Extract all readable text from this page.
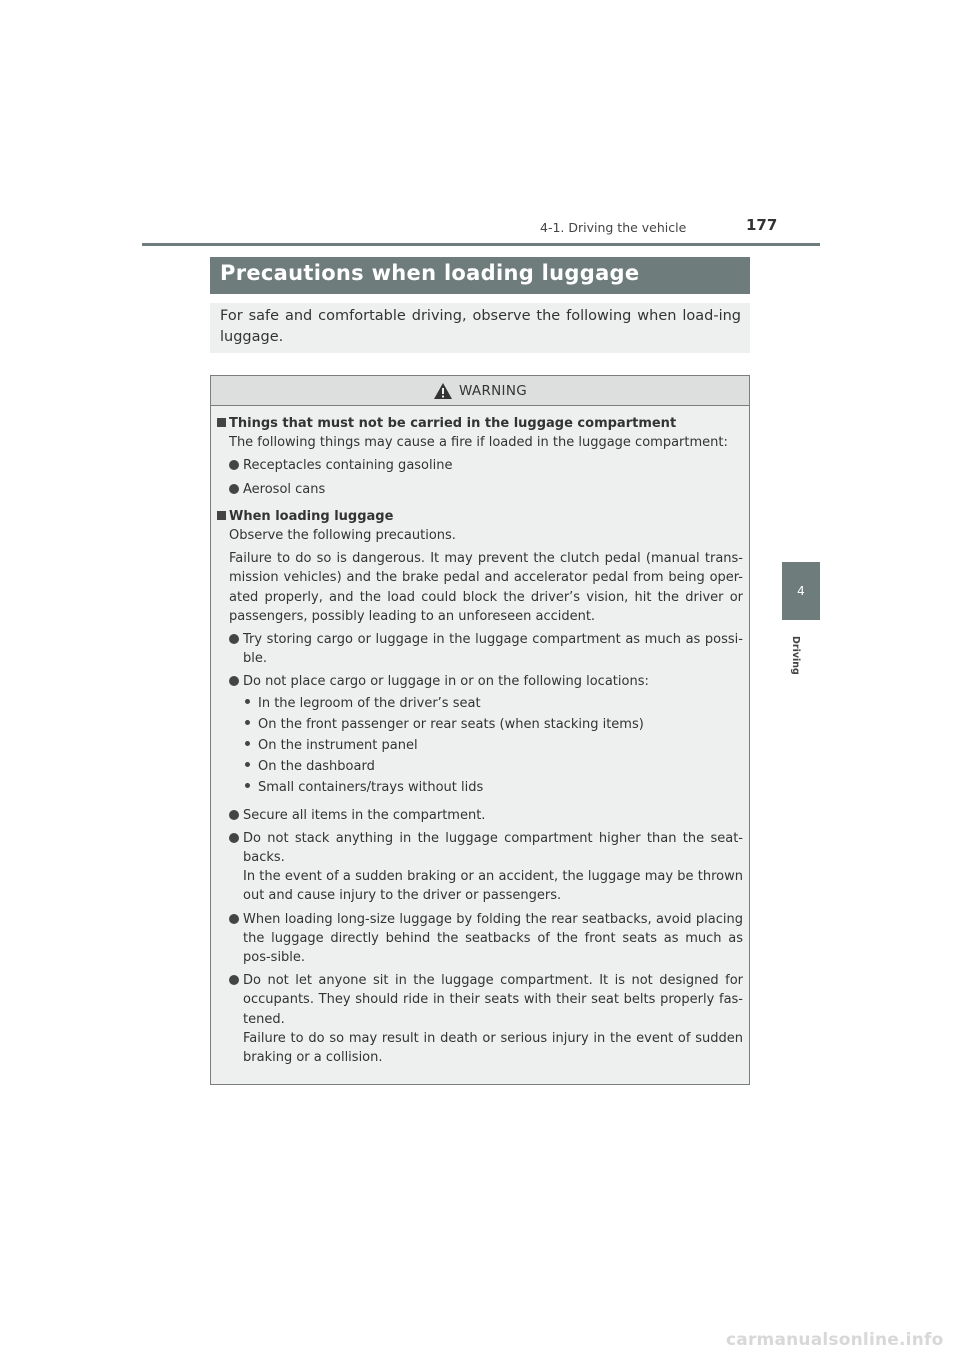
4-1. Driving the vehicle	177
4
Driving
Precautions when loading luggage
For safe and comfortable driving, observe the following when load-ing luggage.
WARNING
Things that must not be carried in the luggage compartment
The following things may cause a fire if loaded in the luggage compartment:
Receptacles containing gasoline
Aerosol cans
When loading luggage
Observe the following precautions.
Failure to do so is dangerous. It may prevent the clutch pedal (manual trans-mission vehicles) and the brake pedal and accelerator pedal from being oper-ated properly, and the load could block the driver’s vision, hit the driver or passengers, possibly leading to an unforeseen accident.
Try storing cargo or luggage in the luggage compartment as much as possi-ble.
Do not place cargo or luggage in or on the following locations:
In the legroom of the driver’s seat
On the front passenger or rear seats (when stacking items)
On the instrument panel
On the dashboard
Small containers/trays without lids
Secure all items in the compartment.
Do not stack anything in the luggage compartment higher than the seat-backs.
In the event of a sudden braking or an accident, the luggage may be thrown out and cause injury to the driver or passengers.
When loading long-size luggage by folding the rear seatbacks, avoid placing the luggage directly behind the seatbacks of the front seats as much as pos-sible.
Do not let anyone sit in the luggage compartment. It is not designed for occupants. They should ride in their seats with their seat belts properly fas-tened.
Failure to do so may result in death or serious injury in the event of sudden braking or a collision.
carmanualsonline.info
